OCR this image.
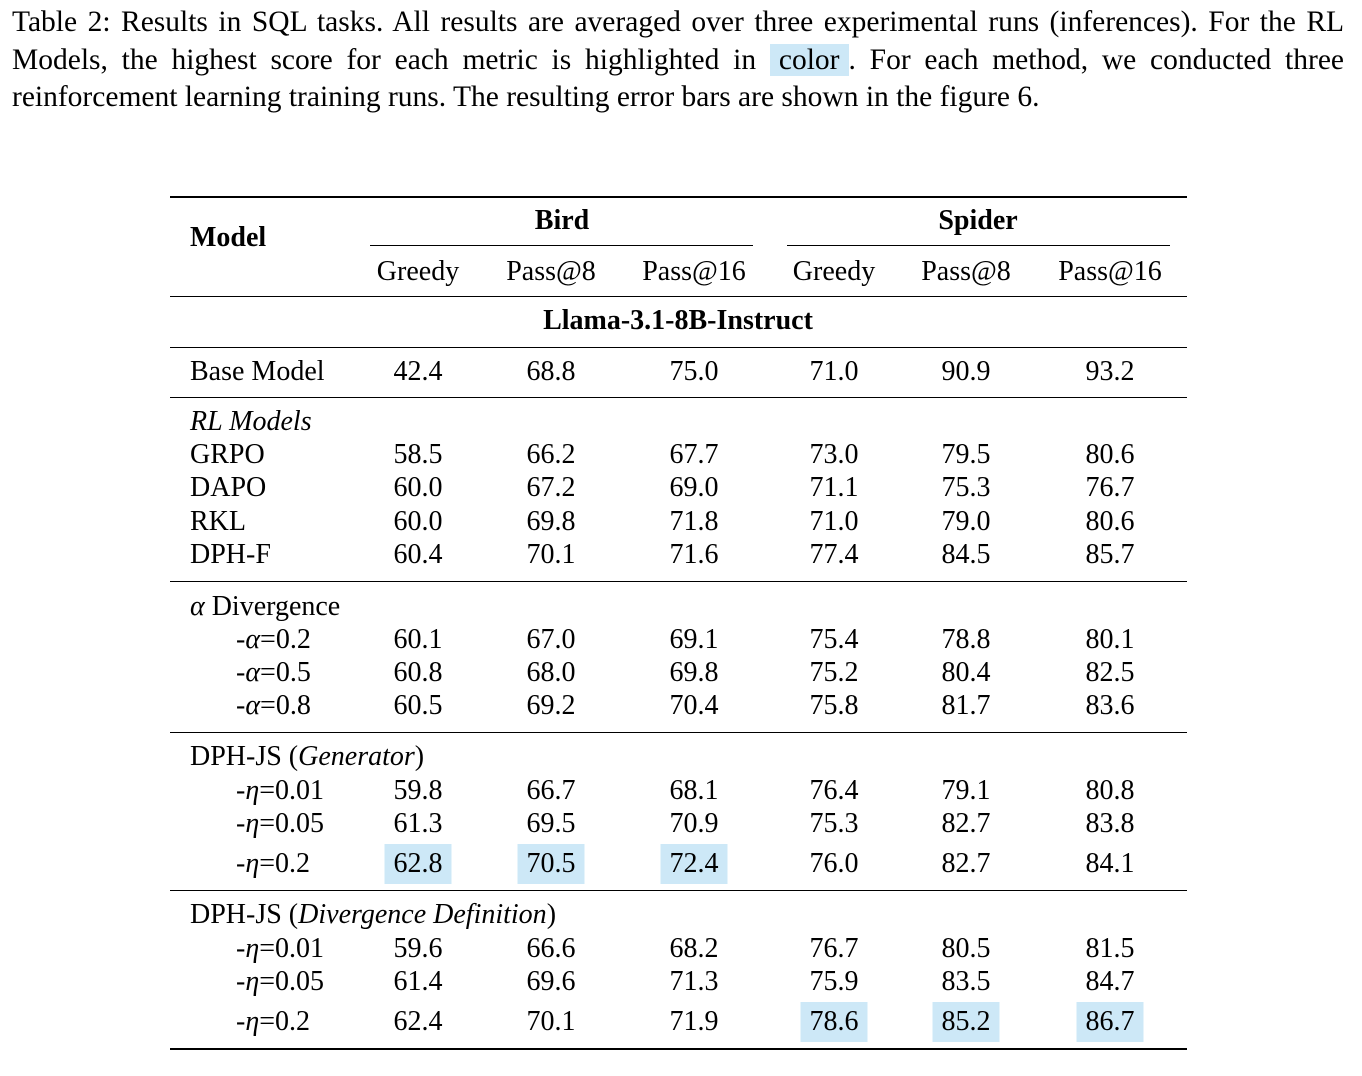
Table 2: Results in SQL tasks. All results are averaged over three experimental runs (inferences). For the RL Models, the highest score for each metric is highlighted in color . For each method, we conducted three reinforcement learning training runs. The resulting error bars are shown in the figure 6.
Model
Bird	Spider
Greedy Pass@8 Pass@16 Greedy Pass@8 Pass@16
Llama-3.1-8B-Instruct
Base Model 42.4	68.8	75.0	71.0	90.9	93.2
RL Models
GRPO	58.5	66.2	67.7	73.0	79.5	80.6
DAPO	60.0	67.2	69.0	71.1	75.3	76.7
RKL	60.0	69.8	71.8	71.0	79.0	80.6
DPH-F	60.4	70.1	71.6	77.4	84.5	85.7
α Divergence
-α=0.2	60.1	67.0	69.1	75.4	78.8	80.1
-α=0.5	60.8	68.0	69.8	75.2	80.4	82.5
-α=0.8	60.5	69.2	70.4	75.8	81.7	83.6
DPH-JS (Generator)
-η=0.01 59.8	66.7	68.1	76.4	79.1	80.8
-η=0.05 61.3	69.5	70.9	75.3	82.7	83.8
-η=0.2	62.8	70.5	72.4	76.0	82.7	84.1
DPH-JS (Divergence Definition)
-η=0.01 59.6	66.6	68.2	76.7	80.5	81.5
-η=0.05 61.4	69.6	71.3	75.9	83.5	84.7
-η=0.2	62.4	70.1	71.9	78.6	85.2	86.7
